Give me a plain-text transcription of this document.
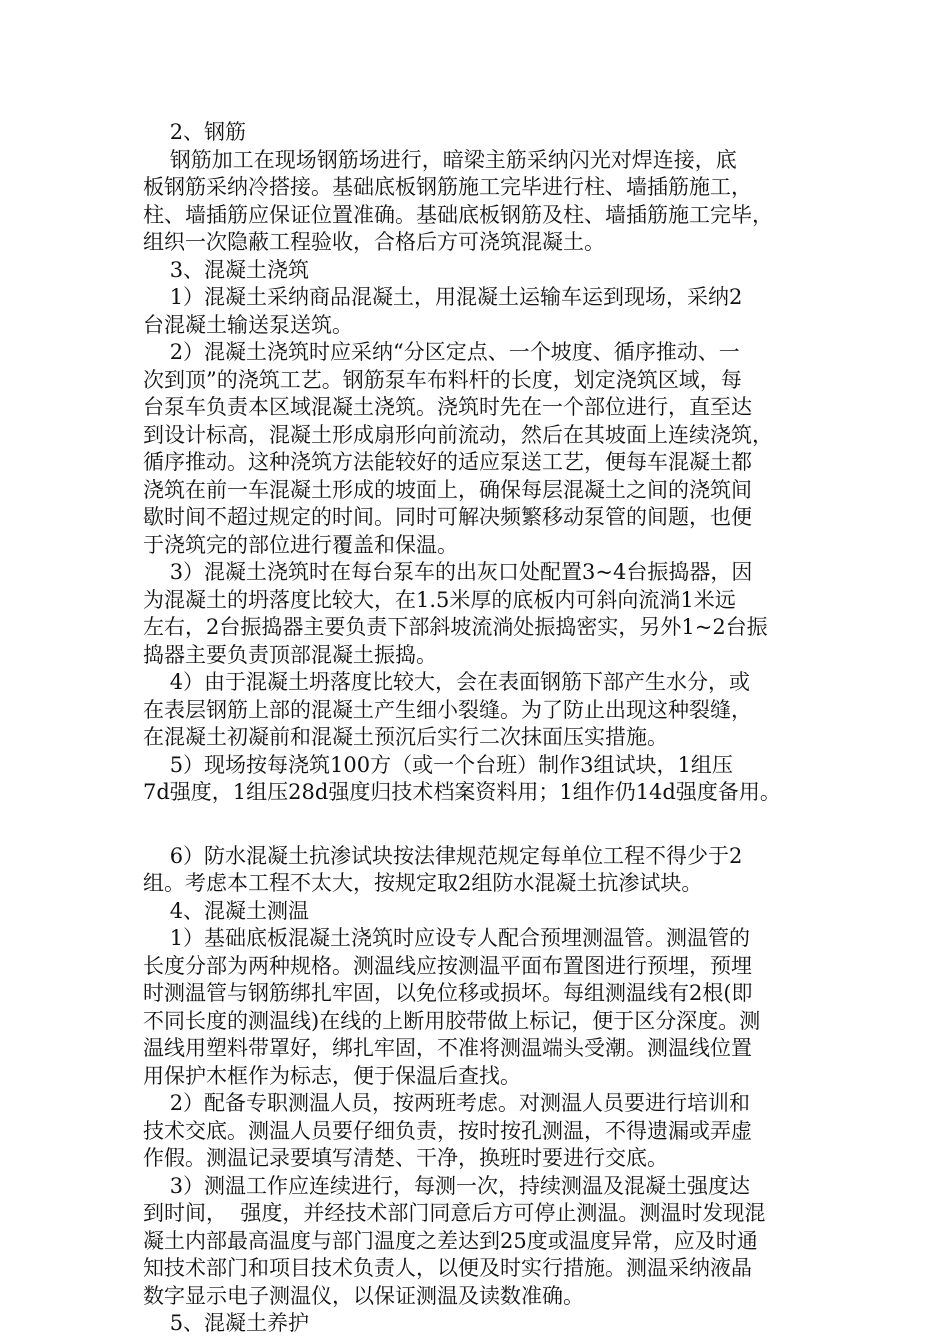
2、钢筋
钢筋加工在现场钢筋场进行，暗梁主筋采纳闪光对焊连接，底
板钢筋采纳冷搭接。基础底板钢筋施工完毕进行柱、墙插筋施工，
柱、墙插筋应保证位置准确。基础底板钢筋及柱、墙插筋施工完毕，
组织一次隐蔽工程验收，合格后方可浇筑混凝土。
3、混凝土浇筑
1）混凝土采纳商品混凝土，用混凝土运输车运到现场，采纳2
台混凝土输送泵送筑。
2）混凝土浇筑时应采纳“分区定点、一个坡度、循序推动、一
次到顶”的浇筑工艺。钢筋泵车布料杆的长度，划定浇筑区域，每
台泵车负责本区域混凝土浇筑。浇筑时先在一个部位进行，直至达
到设计标高，混凝土形成扇形向前流动，然后在其坡面上连续浇筑，
循序推动。这种浇筑方法能较好的适应泵送工艺，便每车混凝土都
浇筑在前一车混凝土形成的坡面上，确保每层混凝土之间的浇筑间
歇时间不超过规定的时间。同时可解决频繁移动泵管的间题，也便
于浇筑完的部位进行覆盖和保温。
3）混凝土浇筑时在每台泵车的出灰口处配置3~4台振捣器，因
为混凝土的坍落度比较大，在1.5米厚的底板内可斜向流淌1米远
左右，2台振捣器主要负责下部斜坡流淌处振捣密实，另外1~2台振
捣器主要负责顶部混凝土振捣。
4）由于混凝土坍落度比较大，会在表面钢筋下部产生水分，或
在表层钢筋上部的混凝土产生细小裂缝。为了防止出现这种裂缝，
在混凝土初凝前和混凝土预沉后实行二次抹面压实措施。
5）现场按每浇筑100方（或一个台班）制作3组试块，1组压
7d强度，1组压28d强度归技术档案资料用；1组作仍14d强度备用。
6）防水混凝土抗渗试块按法律规范规定每单位工程不得少于2
组。考虑本工程不太大，按规定取2组防水混凝土抗渗试块。
4、混凝土测温
1）基础底板混凝土浇筑时应设专人配合预埋测温管。测温管的
长度分部为两种规格。测温线应按测温平面布置图进行预埋，预埋
时测温管与钢筋绑扎牢固，以免位移或损坏。每组测温线有2根(即
不同长度的测温线)在线的上断用胶带做上标记，便于区分深度。测
温线用塑料带罩好，绑扎牢固，不准将测温端头受潮。测温线位置
用保护木框作为标志，便于保温后查找。
2）配备专职测温人员，按两班考虑。对测温人员要进行培训和
技术交底。测温人员要仔细负责，按时按孔测温，不得遗漏或弄虚
作假。测温记录要填写清楚、干净，换班时要进行交底。
3）测温工作应连续进行，每测一次，持续测温及混凝土强度达
到时间，  强度，并经技术部门同意后方可停止测温。测温时发现混
凝土内部最高温度与部门温度之差达到25度或温度异常，应及时通
知技术部门和项目技术负责人，以便及时实行措施。测温采纳液晶
数字显示电子测温仪，以保证测温及读数准确。
5、混凝土养护
